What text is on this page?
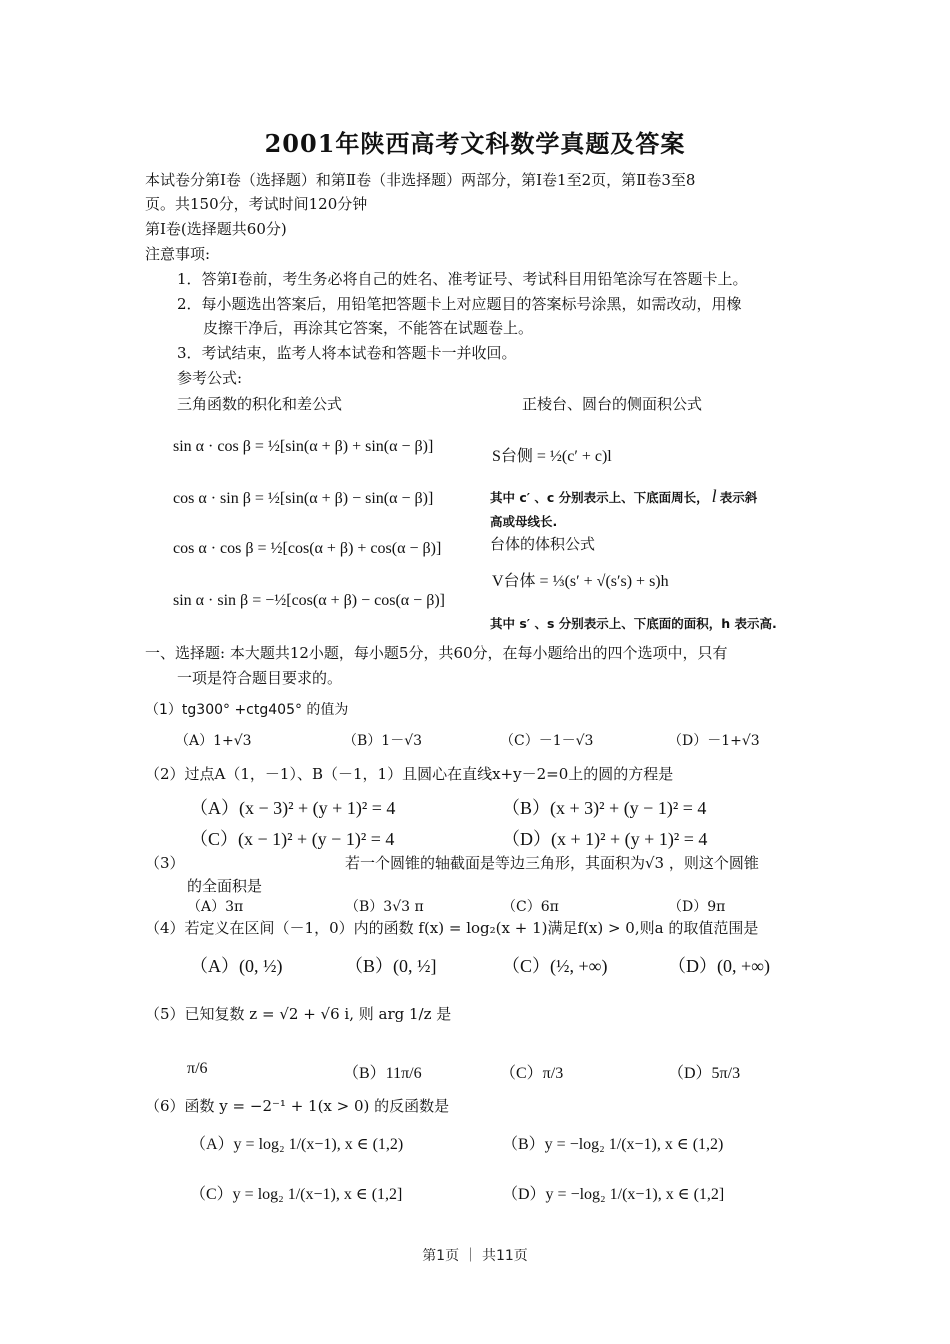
2001年陕西高考文科数学真题及答案
本试卷分第Ⅰ卷（选择题）和第Ⅱ卷（非选择题）两部分，第Ⅰ卷1至2页，第Ⅱ卷3至8
页。共150分，考试时间120分钟
第Ⅰ卷(选择题共60分)
注意事项:
1．答第Ⅰ卷前，考生务必将自己的姓名、准考证号、考试科目用铅笔涂写在答题卡上。
2．每小题选出答案后，用铅笔把答题卡上对应题目的答案标号涂黑，如需改动，用橡
皮擦干净后，再涂其它答案，不能答在试题卷上。
3．考试结束，监考人将本试卷和答题卡一并收回。
参考公式:
三角函数的积化和差公式	正棱台、圆台的侧面积公式
sin α · cos β = ½[sin(α + β) + sin(α − β)]
cos α · sin β = ½[sin(α + β) − sin(α − β)]
cos α · cos β = ½[cos(α + β) + cos(α − β)]
sin α · sin β = −½[cos(α + β) − cos(α − β)]
S台侧 = ½(c′ + c)l
其中 c′ 、c 分别表示上、下底面周长， l 表示斜
高或母线长.
台体的体积公式
V台体 = ⅓(s′ + √(s′s) + s)h
其中 s′ 、s 分别表示上、下底面的面积，h 表示高.
一、选择题: 本大题共12小题，每小题5分，共60分，在每小题给出的四个选项中，只有
一项是符合题目要求的。
（1）tg300° +ctg405° 的值为
（A）1+√3	（B）1－√3	（C）－1－√3	（D）－1+√3
（2）过点A（1，－1）、B（－1，1）且圆心在直线x+y－2=0上的圆的方程是
（A）(x − 3)² + (y + 1)² = 4	（B）(x + 3)² + (y − 1)² = 4
（C）(x − 1)² + (y − 1)² = 4	（D）(x + 1)² + (y + 1)² = 4
（3）	若一个圆锥的轴截面是等边三角形，其面积为√3 ，则这个圆锥
的全面积是
（A）3π	（B）3√3 π	（C）6π	（D）9π
（4）若定义在区间（－1，0）内的函数 f(x) = log₂(x + 1)满足f(x) > 0,则a 的取值范围是
（A）(0, ½)	（B）(0, ½]	（C）(½, +∞)	（D）(0, +∞)
（5）已知复数 z = √2 + √6 i, 则 arg 1/z 是
π/6	（B）11π/6	（C）π/3	（D）5π/3
（6）函数 y = −2⁻¹ + 1(x > 0) 的反函数是
（A）y = log₂ 1/(x−1), x ∈ (1,2)	（B）y = −log₂ 1/(x−1), x ∈ (1,2)
（C）y = log₂ 1/(x−1), x ∈ (1,2]	（D）y = −log₂ 1/(x−1), x ∈ (1,2]
第1页 ｜ 共11页
